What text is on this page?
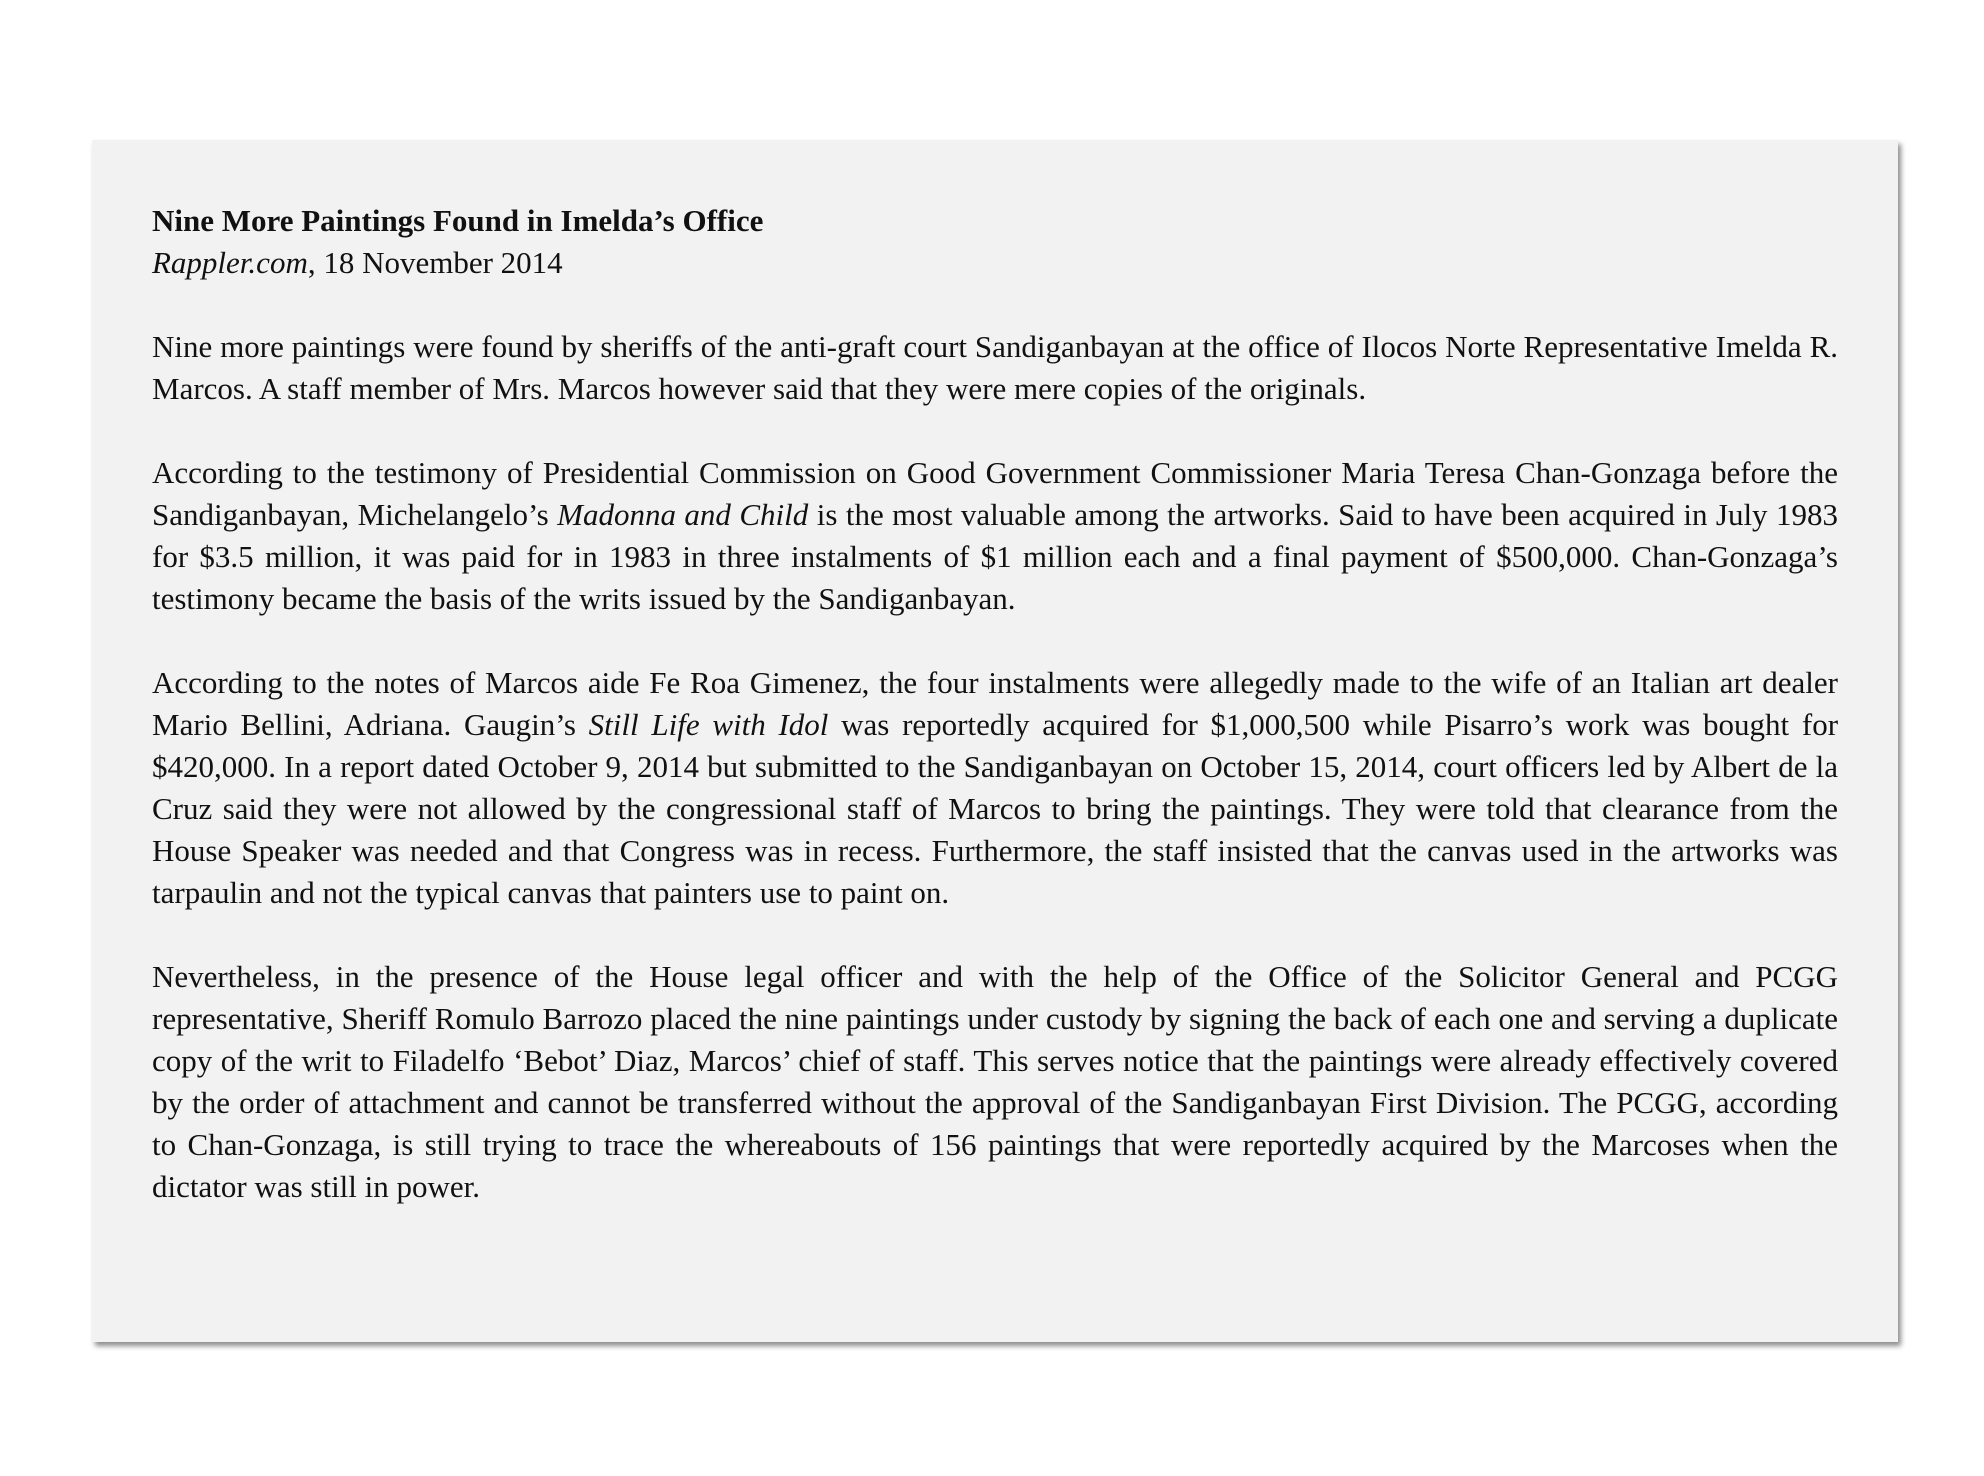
Nine More Paintings Found in Imelda’s Office
Rappler.com, 18 November 2014

Nine more paintings were found by sheriffs of the anti-graft court Sandiganbayan at the office of Ilocos Norte Representative Imelda R. Marcos. A staff member of Mrs. Marcos however said that they were mere copies of the originals.

According to the testimony of Presidential Commission on Good Government Commissioner Maria Teresa Chan-Gonzaga before the Sandiganbayan, Michelangelo’s Madonna and Child is the most valuable among the artworks. Said to have been acquired in July 1983 for $3.5 million, it was paid for in 1983 in three instalments of $1 million each and a final payment of $500,000. Chan-Gonzaga’s testimony became the basis of the writs issued by the Sandiganbayan.

According to the notes of Marcos aide Fe Roa Gimenez, the four instalments were allegedly made to the wife of an Italian art dealer Mario Bellini, Adriana. Gaugin’s Still Life with Idol was reportedly acquired for $1,000,500 while Pisarro’s work was bought for $420,000. In a report dated October 9, 2014 but submitted to the Sandiganbayan on October 15, 2014, court officers led by Albert de la Cruz said they were not allowed by the congressional staff of Marcos to bring the paintings. They were told that clearance from the House Speaker was needed and that Congress was in recess. Furthermore, the staff insisted that the canvas used in the artworks was tarpaulin and not the typical canvas that painters use to paint on.

Nevertheless, in the presence of the House legal officer and with the help of the Office of the Solicitor General and PCGG representative, Sheriff Romulo Barrozo placed the nine paintings under custody by signing the back of each one and serving a duplicate copy of the writ to Filadelfo ‘Bebot’ Diaz, Marcos’ chief of staff. This serves notice that the paintings were already effectively covered by the order of attachment and cannot be transferred without the approval of the Sandiganbayan First Division. The PCGG, according to Chan-Gonzaga, is still trying to trace the whereabouts of 156 paintings that were reportedly acquired by the Marcoses when the dictator was still in power.
